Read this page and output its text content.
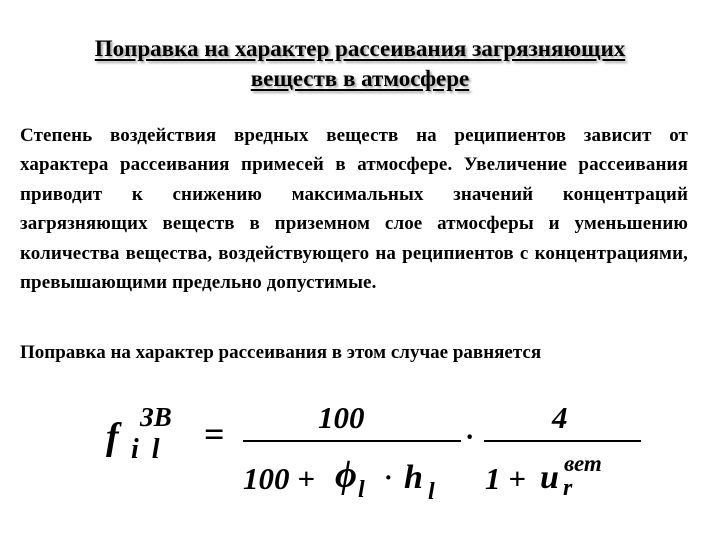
Поправка на характер рассеивания загрязняющих
веществ в атмосфере
Степень воздействия вредных веществ на реципиентов зависит от характера рассеивания примесей в атмосфере. Увеличение рассеивания приводит к снижению максимальных значений концентраций загрязняющих веществ в приземном слое атмосферы и уменьшению количества вещества, воздействующего на реципиентов с концентрациями, превышающими предельно допустимые.
Поправка на характер рассеивания в этом случае равняется
f ЗВ
i l =	100
100 + ϕ l · h l
·
4
1 + u вет
r
